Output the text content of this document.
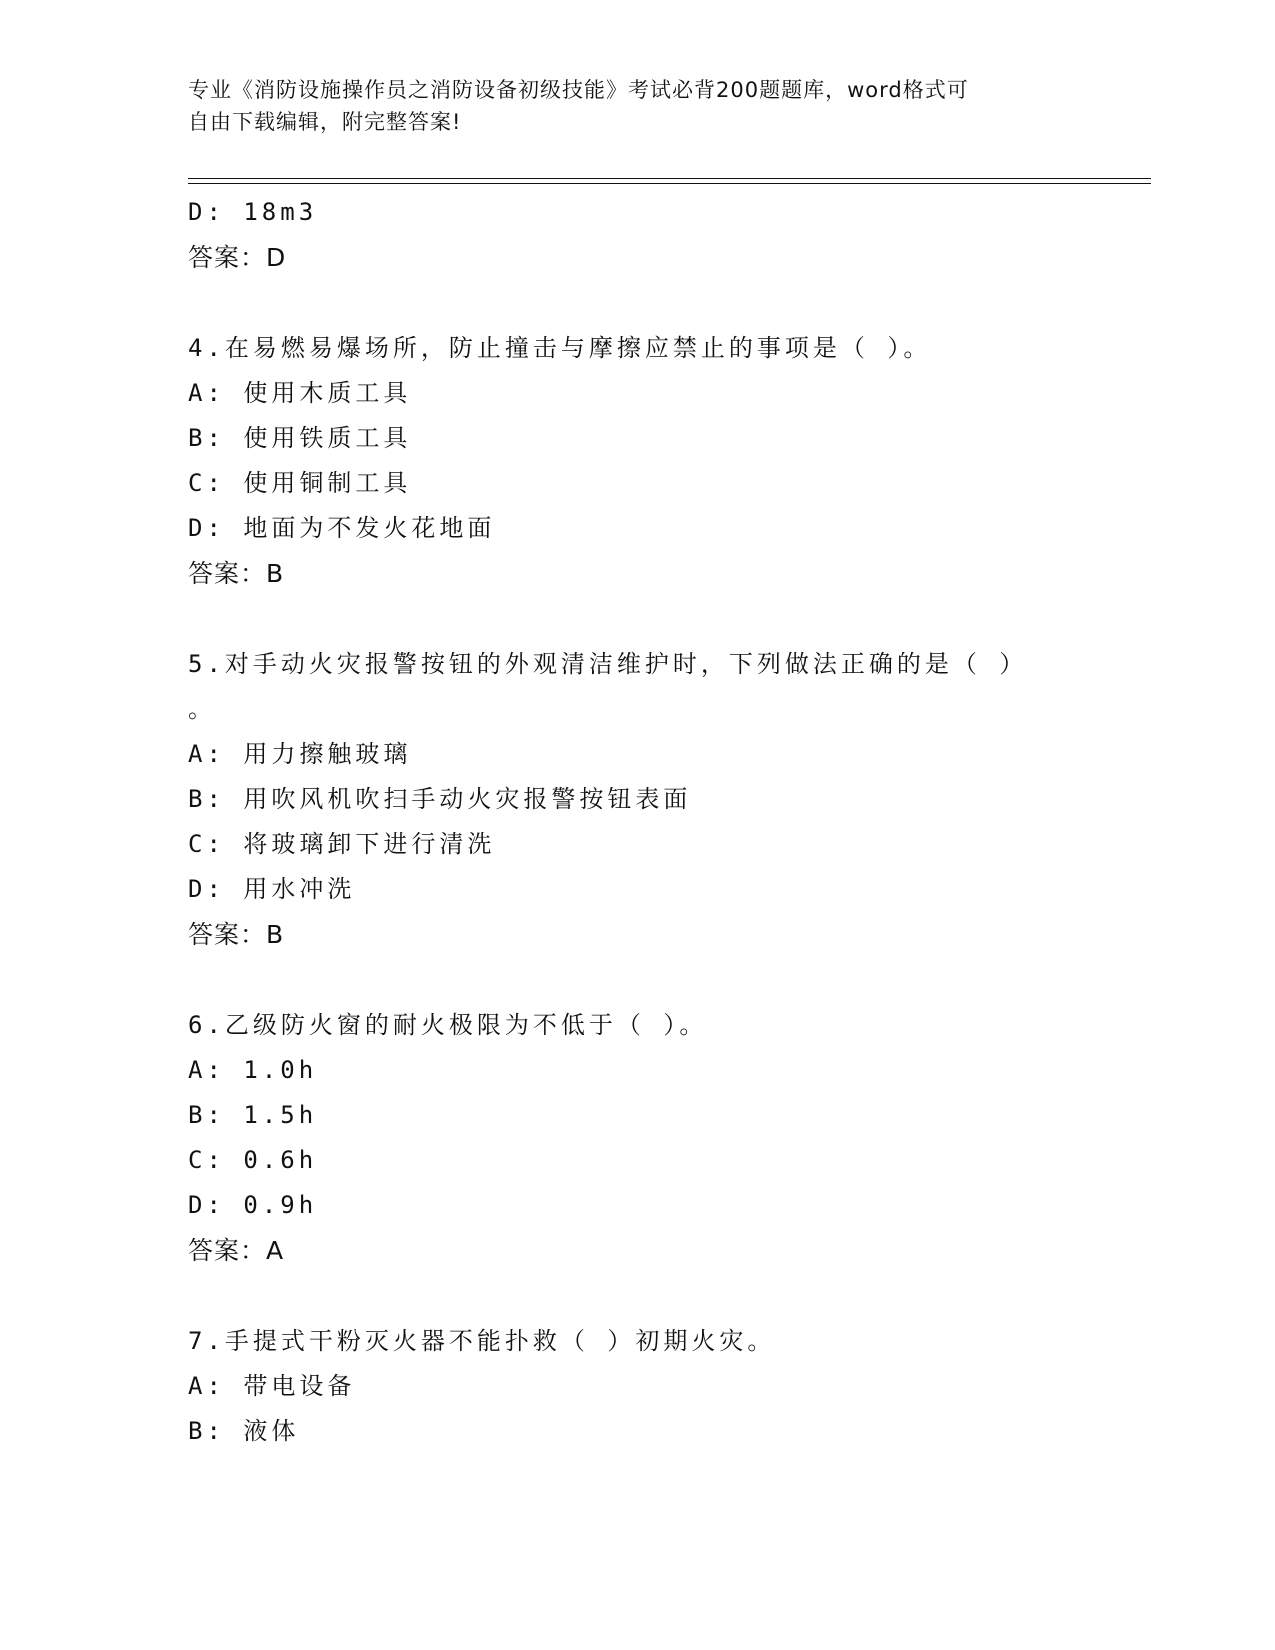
专业《消防设施操作员之消防设备初级技能》考试必背200题题库，word格式可
自由下载编辑，附完整答案!
D: 18m3
答案：D
4.在易燃易爆场所，防止撞击与摩擦应禁止的事项是（ ）。
A: 使用木质工具
B: 使用铁质工具
C: 使用铜制工具
D: 地面为不发火花地面
答案：B
5.对手动火灾报警按钮的外观清洁维护时，下列做法正确的是（ ）
。
A: 用力擦触玻璃
B: 用吹风机吹扫手动火灾报警按钮表面
C: 将玻璃卸下进行清洗
D: 用水冲洗
答案：B
6.乙级防火窗的耐火极限为不低于（ ）。
A: 1.0h
B: 1.5h
C: 0.6h
D: 0.9h
答案：A
7.手提式干粉灭火器不能扑救（ ）初期火灾。
A: 带电设备
B: 液体
